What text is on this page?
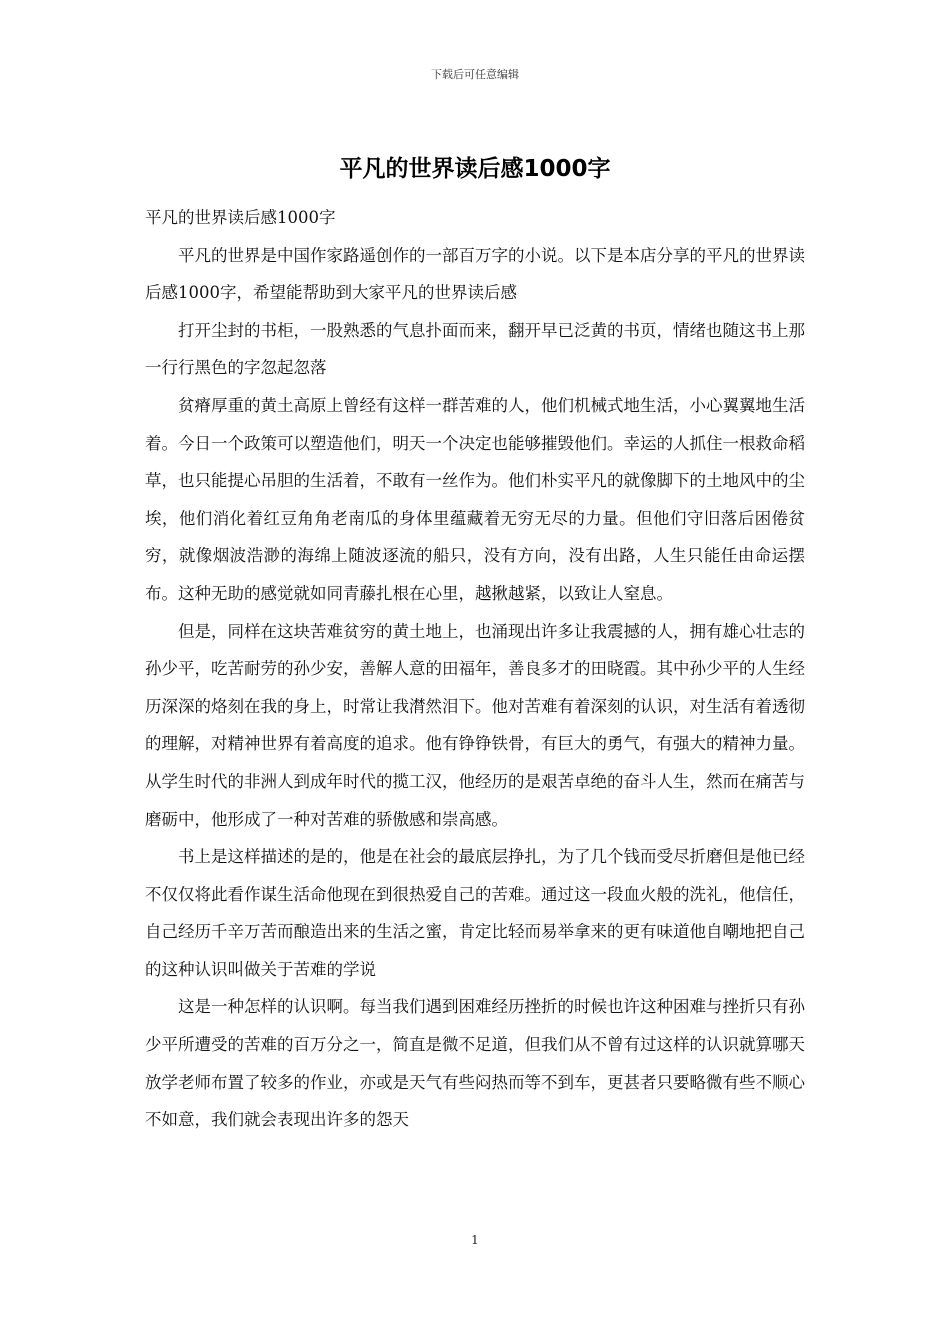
下载后可任意编辑
平凡的世界读后感1000字

平凡的世界读后感1000字

平凡的世界是中国作家路遥创作的一部百万字的小说。以下是本店分享的平凡的世界读后感1000字，希望能帮助到大家平凡的世界读后感

打开尘封的书柜，一股熟悉的气息扑面而来，翻开早已泛黄的书页，情绪也随这书上那一行行黑色的字忽起忽落

贫瘠厚重的黄土高原上曾经有这样一群苦难的人，他们机械式地生活，小心翼翼地生活着。今日一个政策可以塑造他们，明天一个决定也能够摧毁他们。幸运的人抓住一根救命稻草，也只能提心吊胆的生活着，不敢有一丝作为。他们朴实平凡的就像脚下的土地风中的尘埃，他们消化着红豆角角老南瓜的身体里蕴藏着无穷无尽的力量。但他们守旧落后困倦贫穷，就像烟波浩渺的海绵上随波逐流的船只，没有方向，没有出路，人生只能任由命运摆布。这种无助的感觉就如同青藤扎根在心里，越揪越紧，以致让人窒息。

但是，同样在这块苦难贫穷的黄土地上，也涌现出许多让我震撼的人，拥有雄心壮志的孙少平，吃苦耐劳的孙少安，善解人意的田福年，善良多才的田晓霞。其中孙少平的人生经历深深的烙刻在我的身上，时常让我潸然泪下。他对苦难有着深刻的认识，对生活有着透彻的理解，对精神世界有着高度的追求。他有铮铮铁骨，有巨大的勇气，有强大的精神力量。从学生时代的非洲人到成年时代的揽工汉，他经历的是艰苦卓绝的奋斗人生，然而在痛苦与磨砺中，他形成了一种对苦难的骄傲感和崇高感。

书上是这样描述的是的，他是在社会的最底层挣扎，为了几个钱而受尽折磨但是他已经不仅仅将此看作谋生活命他现在到很热爱自己的苦难。通过这一段血火般的洗礼，他信任，自己经历千辛万苦而酿造出来的生活之蜜，肯定比轻而易举拿来的更有味道他自嘲地把自己的这种认识叫做关于苦难的学说

这是一种怎样的认识啊。每当我们遇到困难经历挫折的时候也许这种困难与挫折只有孙少平所遭受的苦难的百万分之一，简直是微不足道，但我们从不曾有过这样的认识就算哪天放学老师布置了较多的作业，亦或是天气有些闷热而等不到车，更甚者只要略微有些不顺心不如意，我们就会表现出许多的怨天

1
